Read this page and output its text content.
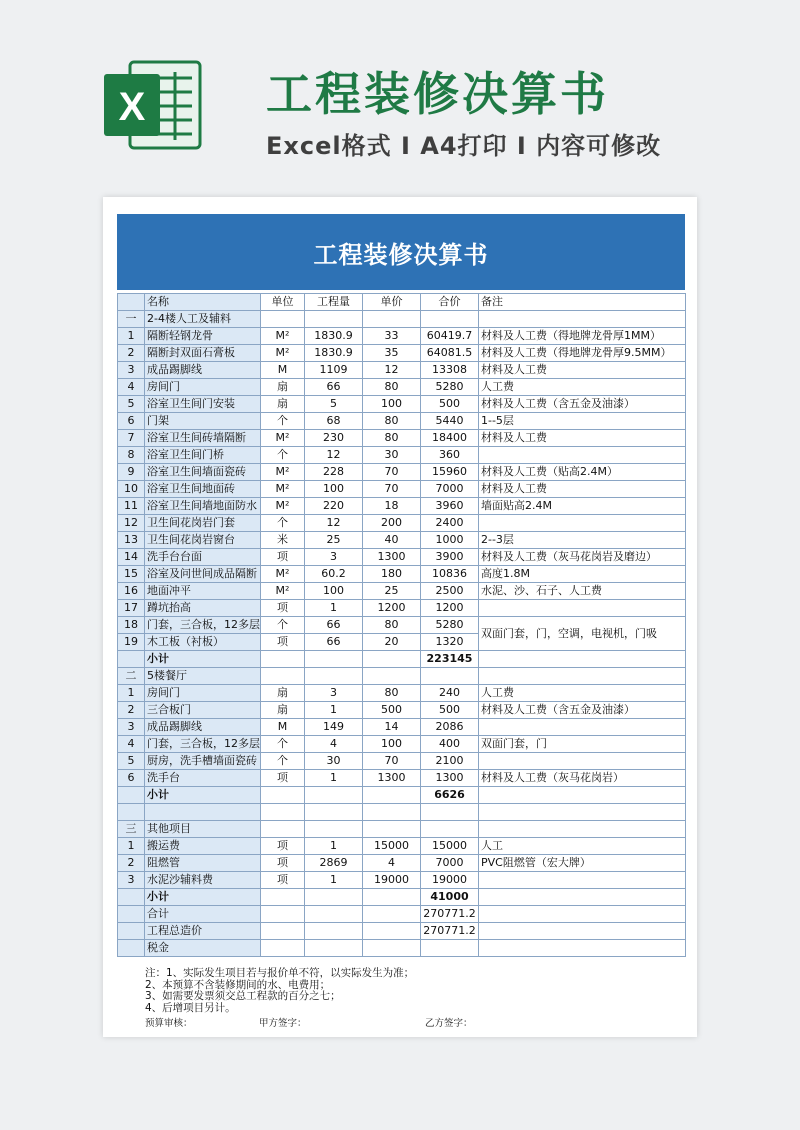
X	工程装修决算书
Excel格式 I A4打印 I 内容可修改
工程装修决算书
	名称	单位	工程量	单价	合价	备注
一	2-4楼人工及辅料					
1	隔断轻钢龙骨	M²	1830.9	33	60419.7	材料及人工费（得地牌龙骨厚1MM）
2	隔断封双面石膏板	M²	1830.9	35	64081.5	材料及人工费（得地牌龙骨厚9.5MM）
3	成品踢脚线	M	1109	12	13308	材料及人工费
4	房间门	扇	66	80	5280	人工费
5	浴室卫生间门安装	扇	5	100	500	材料及人工费（含五金及油漆）
6	门架	个	68	80	5440	1--5层
7	浴室卫生间砖墙隔断	M²	230	80	18400	材料及人工费
8	浴室卫生间门桥	个	12	30	360	
9	浴室卫生间墙面瓷砖	M²	228	70	15960	材料及人工费（贴高2.4M）
10	浴室卫生间地面砖	M²	100	70	7000	材料及人工费
11	浴室卫生间墙地面防水	M²	220	18	3960	墙面贴高2.4M
12	卫生间花岗岩门套	个	12	200	2400	
13	卫生间花岗岩窗台	米	25	40	1000	2--3层
14	洗手台台面	项	3	1300	3900	材料及人工费（灰马花岗岩及磨边）
15	浴室及问世间成品隔断	M²	60.2	180	10836	高度1.8M
16	地面冲平	M²	100	25	2500	水泥、沙、石子、人工费
17	蹲坑抬高	项	1	1200	1200	
18	门套，三合板，12多层	个	66	80	5280	双面门套，门，空调，电视机，门吸
19	木工板（衬板）	项	66	20	1320	
	小计				223145	
二	5楼餐厅					
1	房间门	扇	3	80	240	人工费
2	三合板门	扇	1	500	500	材料及人工费（含五金及油漆）
3	成品踢脚线	M	149	14	2086	
4	门套，三合板，12多层	个	4	100	400	双面门套，门
5	厨房，洗手槽墙面瓷砖	个	30	70	2100	
6	洗手台	项	1	1300	1300	材料及人工费（灰马花岗岩）
	小计				6626	

三	其他项目					
1	搬运费	项	1	15000	15000	人工
2	阻燃管	项	2869	4	7000	PVC阻燃管（宏大牌）
3	水泥沙辅料费	项	1	19000	19000	
	小计				41000	
	合计				270771.2	
	工程总造价				270771.2	
	税金					
注：1、实际发生项目若与报价单不符，以实际发生为准；
2、本预算不含装修期间的水、电费用；
3、如需要发票须交总工程款的百分之七；
4、后增项目另计。
预算审核：	甲方签字：	乙方签字：
